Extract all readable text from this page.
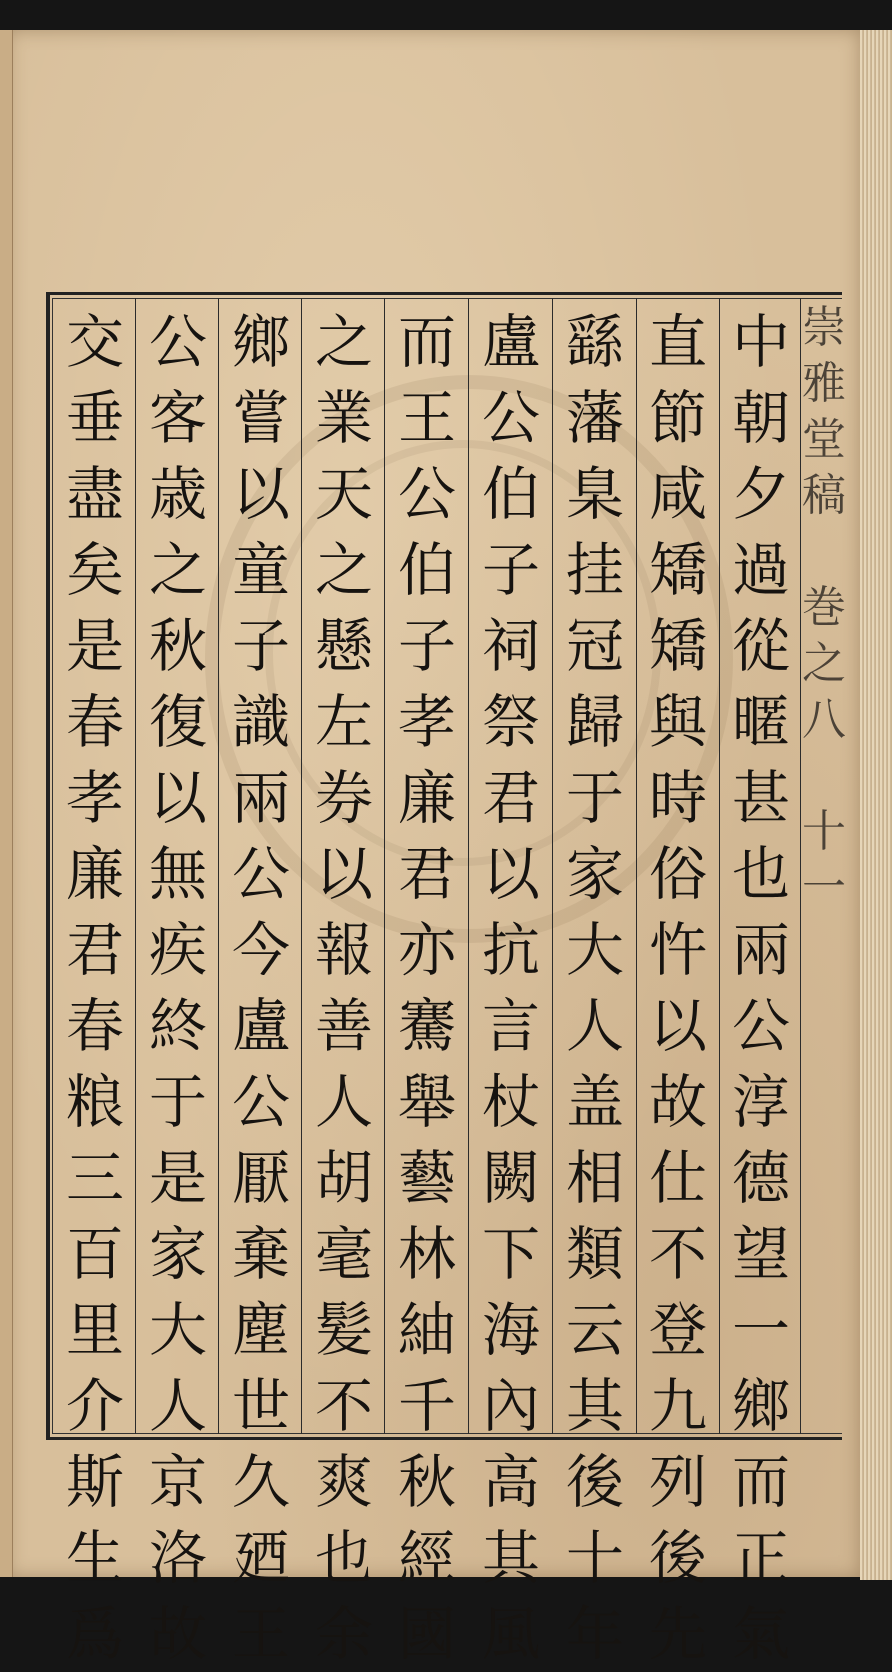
崇
雅
堂
稿

巻
之
八

十
一
中
朝
夕
過
從
暱
甚
也
兩
公
淳
德
望
一
鄉
而
正
氣
直
節
咸
矯
矯
與
時
俗
忤
以
故
仕
不
登
九
列
後
先
繇
藩
臬
挂
冠
歸
于
家
大
人
盖
相
類
云
其
後
十
年
盧
公
伯
子
祠
祭
君
以
抗
言
杖
闕
下
海
內
高
其
風
而
王
公
伯
子
孝
廉
君
亦
騫
舉
藝
林
紬
千
秋
經
國
之
業
天
之
懸
左
券
以
報
善
人
胡
毫
髪
不
爽
也
余
鄉
嘗
以
童
子
識
兩
公
今
盧
公
厭
棄
塵
世
久
廼
王
公
客
歳
之
秋
復
以
無
疾
終
于
是
家
大
人
京
洛
故
交
垂
盡
矣
是
春
孝
廉
君
春
粮
三
百
里
介
斯
生
爲
